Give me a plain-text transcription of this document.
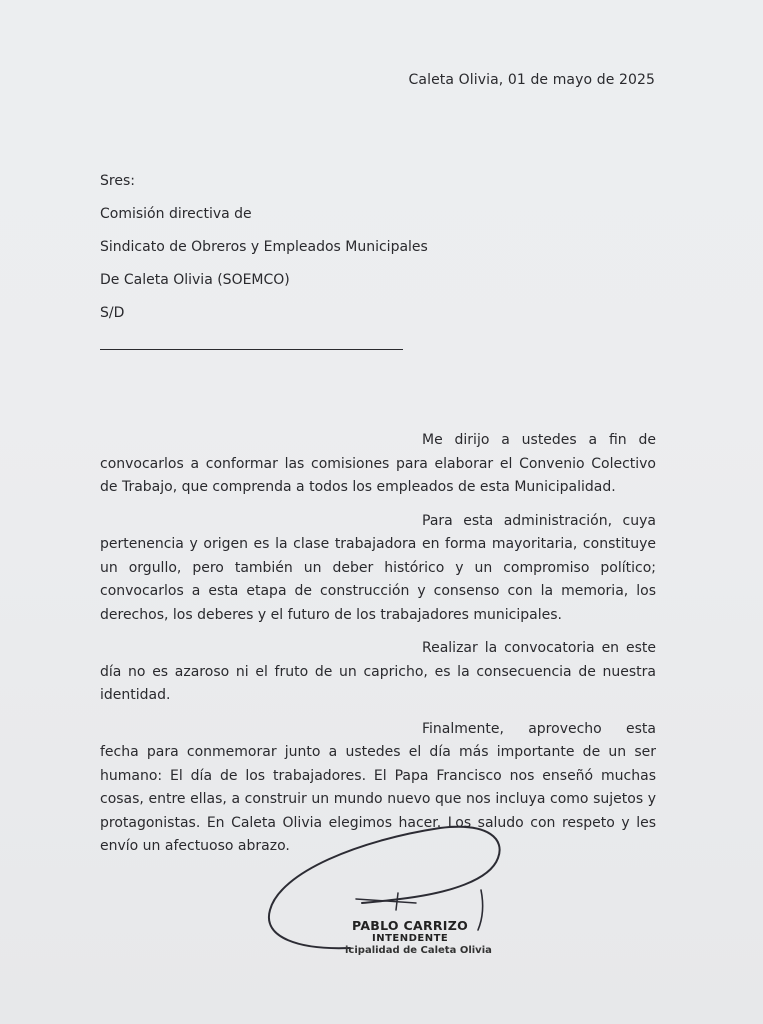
Caleta Olivia, 01 de mayo de 2025
Sres:
Comisión directiva de
Sindicato de Obreros y Empleados Municipales
De Caleta Olivia (SOEMCO)
S/D

Me dirijo a ustedes a fin de convocarlos a conformar las comisiones para elaborar el Convenio Colectivo de Trabajo, que comprenda a todos los empleados de esta Municipalidad.

Para esta administración, cuya pertenencia y origen es la clase trabajadora en forma mayoritaria, constituye un orgullo, pero también un deber histórico y un compromiso político; convocarlos a esta etapa de construcción y consenso con la memoria, los derechos, los deberes y el futuro de los trabajadores municipales.

Realizar la convocatoria en este día no es azaroso ni el fruto de un capricho, es la consecuencia de nuestra identidad.

Finalmente, aprovecho esta fecha para conmemorar junto a ustedes el día más importante de un ser humano: El día de los trabajadores. El Papa Francisco nos enseñó muchas cosas, entre ellas, a construir un mundo nuevo que nos incluya como sujetos y protagonistas. En Caleta Olivia elegimos hacer. Los saludo con respeto y les envío un afectuoso abrazo.

PABLO CARRIZO
INTENDENTE
icipalidad de Caleta Olivia
